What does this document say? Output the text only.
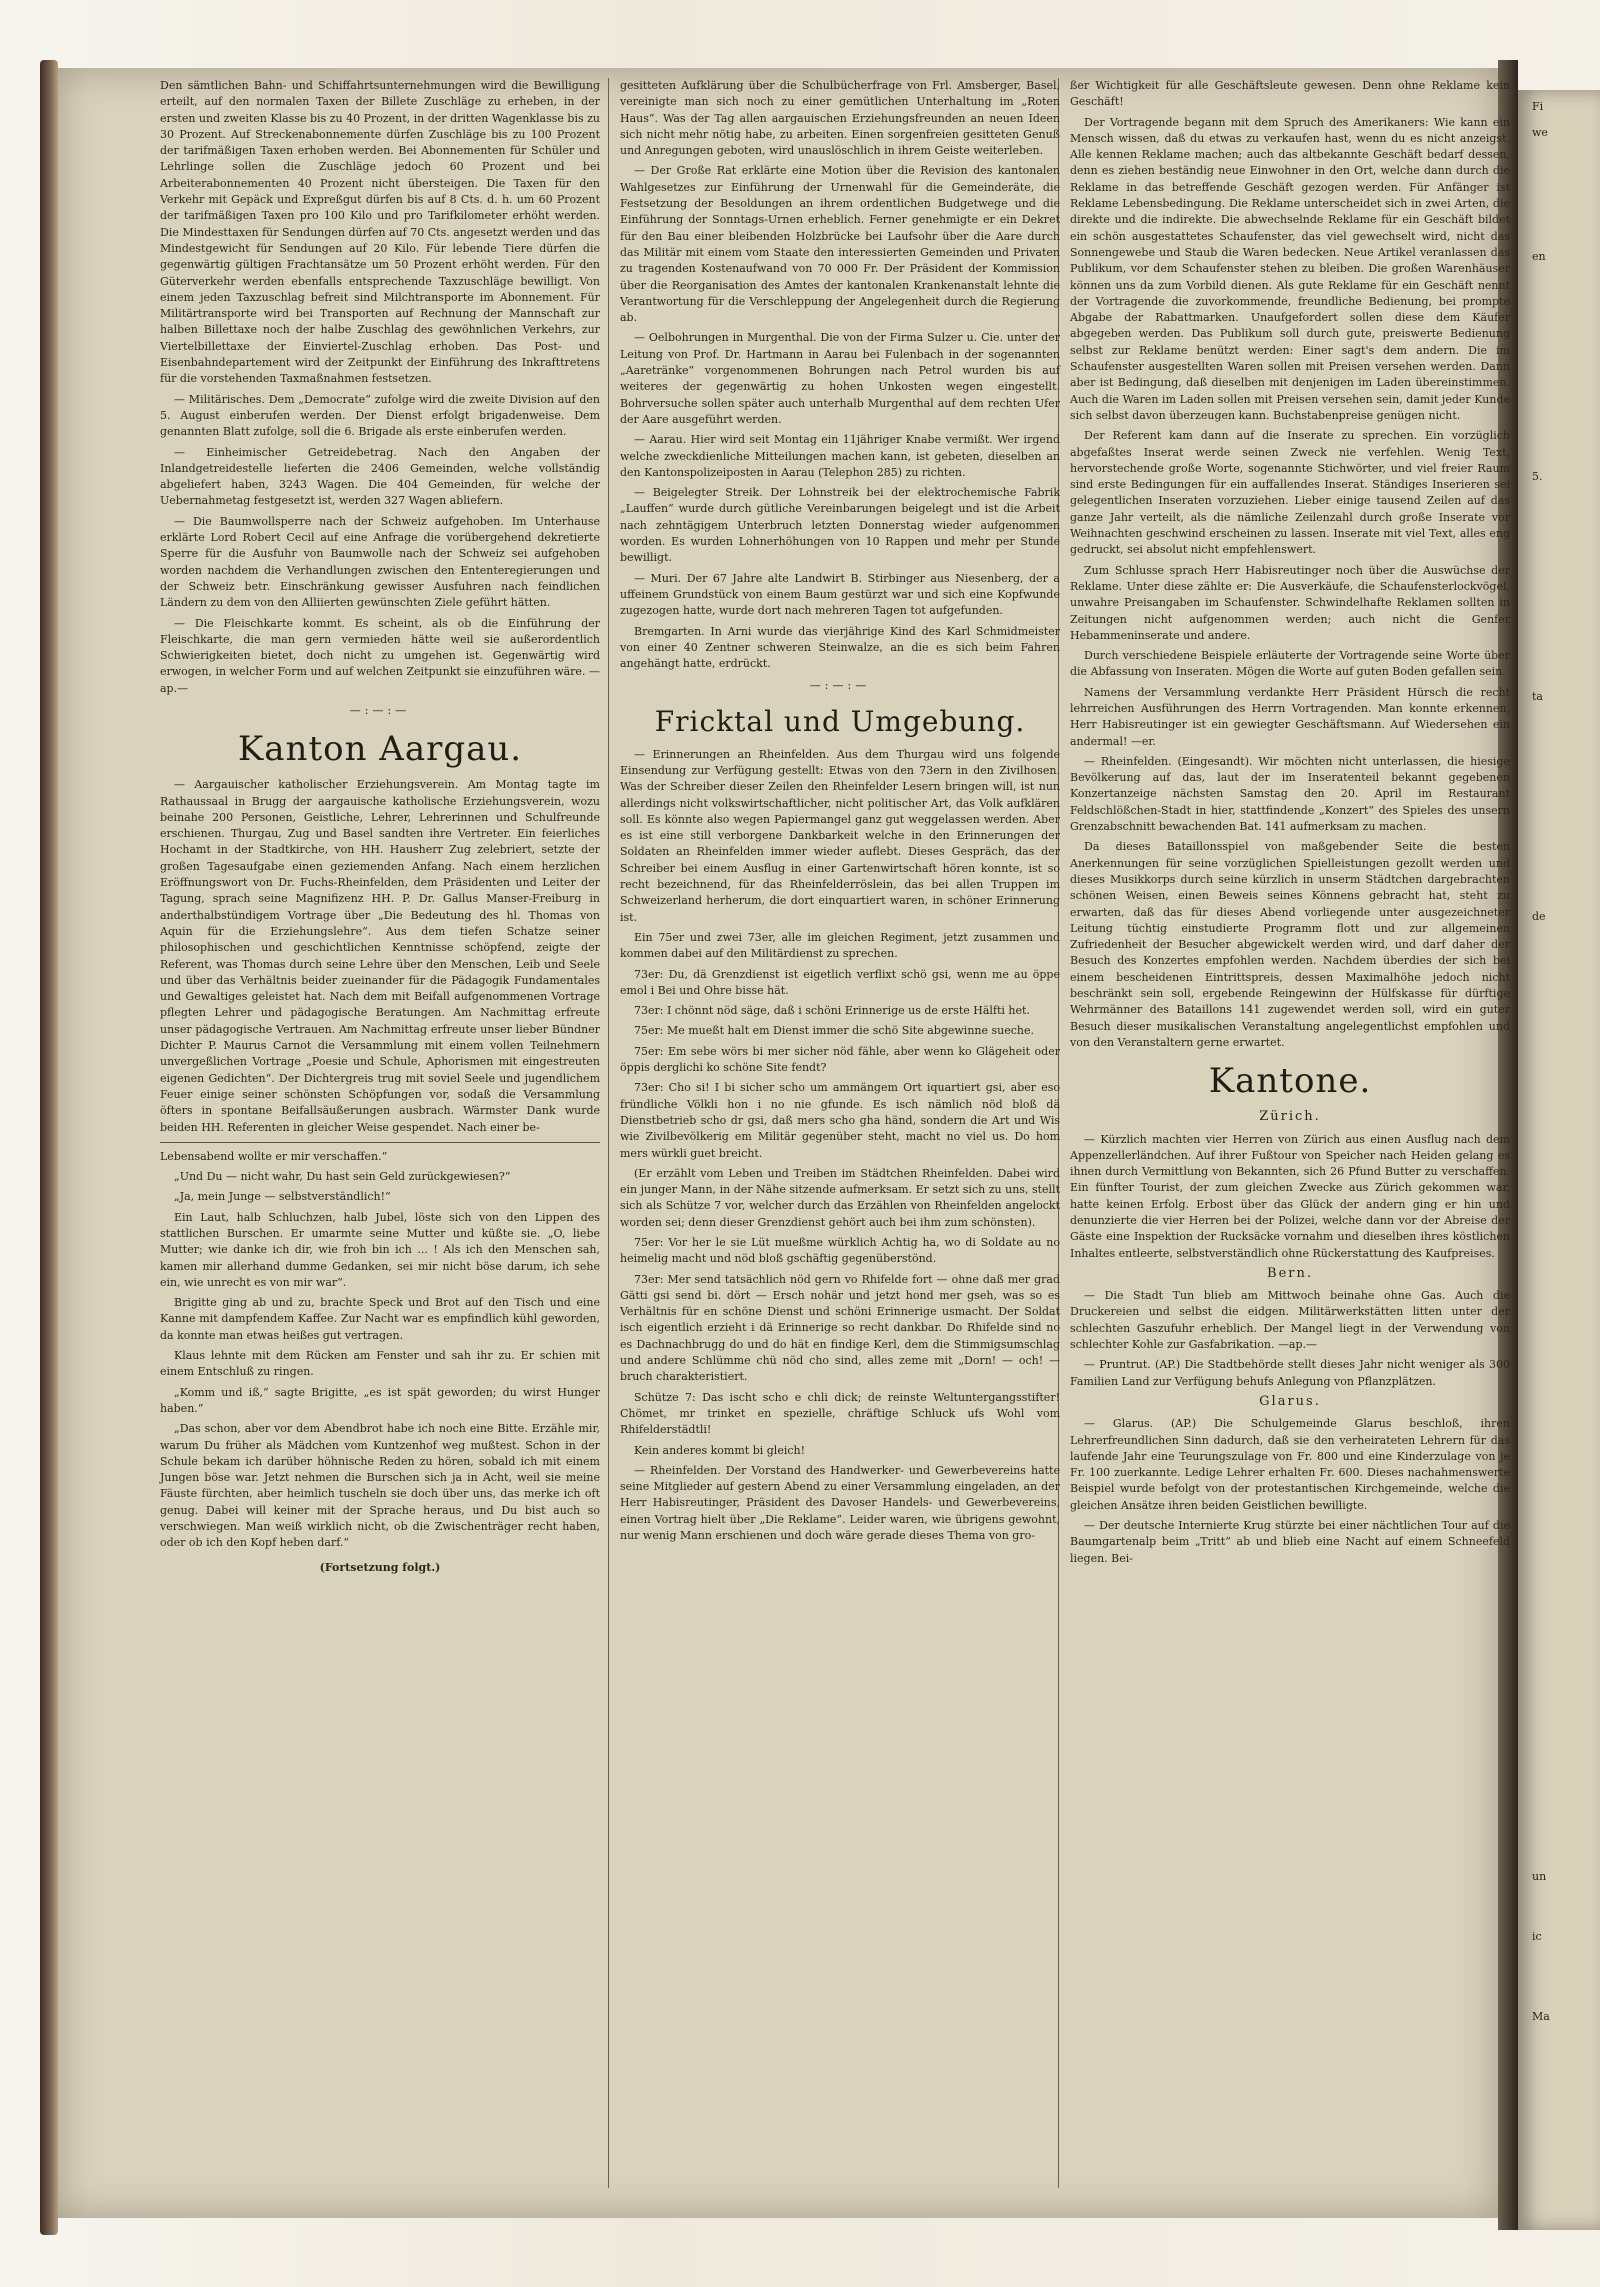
Fi
we
en
5.
ta
de
un
ic
Ma

Den sämtlichen Bahn- und Schiffahrtsunternehmungen wird die Bewilligung erteilt, auf den normalen Taxen der Billete Zuschläge zu erheben, in der ersten und zweiten Klasse bis zu 40 Prozent, in der dritten Wagenklasse bis zu 30 Prozent. Auf Streckenabonnemente dürfen Zuschläge bis zu 100 Prozent der tarifmäßigen Taxen erhoben werden. Bei Abonnementen für Schüler und Lehrlinge sollen die Zuschläge jedoch 60 Prozent und bei Arbeiterabonnementen 40 Prozent nicht übersteigen. Die Taxen für den Verkehr mit Gepäck und Expreßgut dürfen bis auf 8 Cts. d. h. um 60 Prozent der tarifmäßigen Taxen pro 100 Kilo und pro Tarifkilometer erhöht werden. Die Mindesttaxen für Sendungen dürfen auf 70 Cts. angesetzt werden und das Mindestgewicht für Sendungen auf 20 Kilo. Für lebende Tiere dürfen die gegenwärtig gültigen Frachtansätze um 50 Prozent erhöht werden. Für den Güterverkehr werden ebenfalls entsprechende Taxzuschläge bewilligt. Von einem jeden Taxzuschlag befreit sind Milchtransporte im Abonnement. Für Militärtransporte wird bei Transporten auf Rechnung der Mannschaft zur halben Billettaxe noch der halbe Zuschlag des gewöhnlichen Verkehrs, zur Viertelbillettaxe der Einviertel-Zuschlag erhoben. Das Post- und Eisenbahndepartement wird der Zeitpunkt der Einführung des Inkrafttretens für die vorstehenden Taxmaßnahmen festsetzen.

— Militärisches. Dem „Democrate“ zufolge wird die zweite Division auf den 5. August einberufen werden. Der Dienst erfolgt brigadenweise. Dem genannten Blatt zufolge, soll die 6. Brigade als erste einberufen werden.

— Einheimischer Getreidebetrag. Nach den Angaben der Inlandgetreidestelle lieferten die 2406 Gemeinden, welche vollständig abgeliefert haben, 3243 Wagen. Die 404 Gemeinden, für welche der Uebernahmetag festgesetzt ist, werden 327 Wagen abliefern.

— Die Baumwollsperre nach der Schweiz aufgehoben. Im Unterhause erklärte Lord Robert Cecil auf eine Anfrage die vorübergehend dekretierte Sperre für die Ausfuhr von Baumwolle nach der Schweiz sei aufgehoben worden nachdem die Verhandlungen zwischen den Ententeregierungen und der Schweiz betr. Einschränkung gewisser Ausfuhren nach feindlichen Ländern zu dem von den Alliierten gewünschten Ziele geführt hätten.

— Die Fleischkarte kommt. Es scheint, als ob die Einführung der Fleischkarte, die man gern vermieden hätte weil sie außerordentlich Schwierigkeiten bietet, doch nicht zu umgehen ist. Gegenwärtig wird erwogen, in welcher Form und auf welchen Zeitpunkt sie einzuführen wäre. —ap.—

—:—:—
Kanton Aargau.

— Aargauischer katholischer Erziehungsverein. Am Montag tagte im Rathaussaal in Brugg der aargauische katholische Erziehungsverein, wozu beinahe 200 Personen, Geistliche, Lehrer, Lehrerinnen und Schulfreunde erschienen. Thurgau, Zug und Basel sandten ihre Vertreter. Ein feierliches Hochamt in der Stadtkirche, von HH. Hausherr Zug zelebriert, setzte der großen Tagesaufgabe einen geziemenden Anfang. Nach einem herzlichen Eröffnungswort von Dr. Fuchs-Rheinfelden, dem Präsidenten und Leiter der Tagung, sprach seine Magnifizenz HH. P. Dr. Gallus Manser-Freiburg in anderthalbstündigem Vortrage über „Die Bedeutung des hl. Thomas von Aquin für die Erziehungslehre“. Aus dem tiefen Schatze seiner philosophischen und geschichtlichen Kenntnisse schöpfend, zeigte der Referent, was Thomas durch seine Lehre über den Menschen, Leib und Seele und über das Verhältnis beider zueinander für die Pädagogik Fundamentales und Gewaltiges geleistet hat. Nach dem mit Beifall aufgenommenen Vortrage pflegten Lehrer und pädagogische Beratungen. Am Nachmittag erfreute unser pädagogische Vertrauen. Am Nachmittag erfreute unser lieber Bündner Dichter P. Maurus Carnot die Versammlung mit einem vollen Teilnehmern unvergeßlichen Vortrage „Poesie und Schule, Aphorismen mit eingestreuten eigenen Gedichten“. Der Dichtergreis trug mit soviel Seele und jugendlichem Feuer einige seiner schönsten Schöpfungen vor, sodaß die Versammlung öfters in spontane Beifallsäußerungen ausbrach. Wärmster Dank wurde beiden HH. Referenten in gleicher Weise gespendet. Nach einer be-

Lebensabend wollte er mir verschaffen.“

„Und Du — nicht wahr, Du hast sein Geld zurückgewiesen?“

„Ja, mein Junge — selbstverständlich!“

Ein Laut, halb Schluchzen, halb Jubel, löste sich von den Lippen des stattlichen Burschen. Er umarmte seine Mutter und küßte sie. „O, liebe Mutter; wie danke ich dir, wie froh bin ich ... ! Als ich den Menschen sah, kamen mir allerhand dumme Gedanken, sei mir nicht böse darum, ich sehe ein, wie unrecht es von mir war“.

Brigitte ging ab und zu, brachte Speck und Brot auf den Tisch und eine Kanne mit dampfendem Kaffee. Zur Nacht war es empfindlich kühl geworden, da konnte man etwas heißes gut vertragen.

Klaus lehnte mit dem Rücken am Fenster und sah ihr zu. Er schien mit einem Entschluß zu ringen.

„Komm und iß,“ sagte Brigitte, „es ist spät geworden; du wirst Hunger haben.“

„Das schon, aber vor dem Abendbrot habe ich noch eine Bitte. Erzähle mir, warum Du früher als Mädchen vom Kuntzenhof weg mußtest. Schon in der Schule bekam ich darüber höhnische Reden zu hören, sobald ich mit einem Jungen böse war. Jetzt nehmen die Burschen sich ja in Acht, weil sie meine Fäuste fürchten, aber heimlich tuscheln sie doch über uns, das merke ich oft genug. Dabei will keiner mit der Sprache heraus, und Du bist auch so verschwiegen. Man weiß wirklich nicht, ob die Zwischenträger recht haben, oder ob ich den Kopf heben darf.“

(Fortsetzung folgt.)

gesitteten Aufklärung über die Schulbücherfrage von Frl. Amsberger, Basel, vereinigte man sich noch zu einer gemütlichen Unterhaltung im „Roten Haus“. Was der Tag allen aargauischen Erziehungsfreunden an neuen Ideen sich nicht mehr nötig habe, zu arbeiten. Einen sorgenfreien gesitteten Genuß und Anregungen geboten, wird unauslöschlich in ihrem Geiste weiterleben.

— Der Große Rat erklärte eine Motion über die Revision des kantonalen Wahlgesetzes zur Einführung der Urnenwahl für die Gemeinderäte, die Festsetzung der Besoldungen an ihrem ordentlichen Budgetwege und die Einführung der Sonntags-Urnen erheblich. Ferner genehmigte er ein Dekret für den Bau einer bleibenden Holzbrücke bei Laufsohr über die Aare durch das Militär mit einem vom Staate den interessierten Gemeinden und Privaten zu tragenden Kostenaufwand von 70 000 Fr. Der Präsident der Kommission über die Reorganisation des Amtes der kantonalen Krankenanstalt lehnte die Verantwortung für die Verschleppung der Angelegenheit durch die Regierung ab.

— Oelbohrungen in Murgenthal. Die von der Firma Sulzer u. Cie. unter der Leitung von Prof. Dr. Hartmann in Aarau bei Fulenbach in der sogenannten „Aaretränke“ vorgenommenen Bohrungen nach Petrol wurden bis auf weiteres der gegenwärtig zu hohen Unkosten wegen eingestellt. Bohrversuche sollen später auch unterhalb Murgenthal auf dem rechten Ufer der Aare ausgeführt werden.

— Aarau. Hier wird seit Montag ein 11jähriger Knabe vermißt. Wer irgend welche zweckdienliche Mitteilungen machen kann, ist gebeten, dieselben an den Kantonspolizeiposten in Aarau (Telephon 285) zu richten.

— Beigelegter Streik. Der Lohnstreik bei der elektrochemische Fabrik „Lauffen“ wurde durch gütliche Vereinbarungen beigelegt und ist die Arbeit nach zehntägigem Unterbruch letzten Donnerstag wieder aufgenommen worden. Es wurden Lohnerhöhungen von 10 Rappen und mehr per Stunde bewilligt.

— Muri. Der 67 Jahre alte Landwirt B. Stirbinger aus Niesenberg, der a uffeinem Grundstück von einem Baum gestürzt war und sich eine Kopfwunde zugezogen hatte, wurde dort nach mehreren Tagen tot aufgefunden.

Bremgarten. In Arni wurde das vierjährige Kind des Karl Schmidmeister von einer 40 Zentner schweren Steinwalze, an die es sich beim Fahren angehängt hatte, erdrückt.

—:—:—
Fricktal und Umgebung.

— Erinnerungen an Rheinfelden. Aus dem Thurgau wird uns folgende Einsendung zur Verfügung gestellt: Etwas von den 73ern in den Zivilhosen. Was der Schreiber dieser Zeilen den Rheinfelder Lesern bringen will, ist nun allerdings nicht volkswirtschaftlicher, nicht politischer Art, das Volk aufklären soll. Es könnte also wegen Papiermangel ganz gut weggelassen werden. Aber es ist eine still verborgene Dankbarkeit welche in den Erinnerungen der Soldaten an Rheinfelden immer wieder auflebt. Dieses Gespräch, das der Schreiber bei einem Ausflug in einer Gartenwirtschaft hören konnte, ist so recht bezeichnend, für das Rheinfelderröslein, das bei allen Truppen im Schweizerland herherum, die dort einquartiert waren, in schöner Erinnerung ist.

Ein 75er und zwei 73er, alle im gleichen Regiment, jetzt zusammen und kommen dabei auf den Militärdienst zu sprechen.

73er: Du, dä Grenzdienst ist eigetlich verflixt schö gsi, wenn me au öppe emol i Bei und Ohre bisse hät.

73er: I chönnt nöd säge, daß i schöni Erinnerige us de erste Hälfti het.

75er: Me mueßt halt em Dienst immer die schö Site abgewinne sueche.

75er: Em sebe wörs bi mer sicher nöd fähle, aber wenn ko Glägeheit oder öppis derglichi ko schöne Site fendt?

73er: Cho si! I bi sicher scho um ammängem Ort iquartiert gsi, aber eso fründliche Völkli hon i no nie gfunde. Es isch nämlich nöd bloß dä Dienstbetrieb scho dr gsi, daß mers scho gha händ, sondern die Art und Wis wie Zivilbevölkerig em Militär gegenüber steht, macht no viel us. Do hom mers würkli guet breicht.

(Er erzählt vom Leben und Treiben im Städtchen Rheinfelden. Dabei wird ein junger Mann, in der Nähe sitzende aufmerksam. Er setzt sich zu uns, stellt sich als Schütze 7 vor, welcher durch das Erzählen von Rheinfelden angelockt worden sei; denn dieser Grenzdienst gehört auch bei ihm zum schönsten).

75er: Vor her le sie Lüt mueßme würklich Achtig ha, wo di Soldate au no heimelig macht und nöd bloß gschäftig gegenüberstönd.

73er: Mer send tatsächlich nöd gern vo Rhifelde fort — ohne daß mer grad Gätti gsi send bi. dört — Ersch nohär und jetzt hond mer gseh, was so es Verhältnis für en schöne Dienst und schöni Erinnerige usmacht. Der Soldat isch eigentlich erzieht i dä Erinnerige so recht dankbar. Do Rhifelde sind no es Dachnachbrugg do und do hät en findige Kerl, dem die Stimmigsumschlag und andere Schlümme chü nöd cho sind, alles zeme mit „Dorn! — och! — bruch charakteristiert.

Schütze 7: Das ischt scho e chli dick; de reinste Weltuntergangsstifter! Chömet, mr trinket en spezielle, chräftige Schluck ufs Wohl vom Rhifelderstädtli!

Kein anderes kommt bi gleich!

— Rheinfelden. Der Vorstand des Handwerker- und Gewerbevereins hatte seine Mitglieder auf gestern Abend zu einer Versammlung eingeladen, an der Herr Habisreutinger, Präsident des Davoser Handels- und Gewerbevereins, einen Vortrag hielt über „Die Reklame“. Leider waren, wie übrigens gewohnt, nur wenig Mann erschienen und doch wäre gerade dieses Thema von gro-

ßer Wichtigkeit für alle Geschäftsleute gewesen. Denn ohne Reklame kein Geschäft!

Der Vortragende begann mit dem Spruch des Amerikaners: Wie kann ein Mensch wissen, daß du etwas zu verkaufen hast, wenn du es nicht anzeigst. Alle kennen Reklame machen; auch das altbekannte Geschäft bedarf dessen, denn es ziehen beständig neue Einwohner in den Ort, welche dann durch die Reklame in das betreffende Geschäft gezogen werden. Für Anfänger ist Reklame Lebensbedingung. Die Reklame unterscheidet sich in zwei Arten, die direkte und die indirekte. Die abwechselnde Reklame für ein Geschäft bildet ein schön ausgestattetes Schaufenster, das viel gewechselt wird, nicht das Sonnengewebe und Staub die Waren bedecken. Neue Artikel veranlassen das Publikum, vor dem Schaufenster stehen zu bleiben. Die großen Warenhäuser können uns da zum Vorbild dienen. Als gute Reklame für ein Geschäft nennt der Vortragende die zuvorkommende, freundliche Bedienung, bei prompte Abgabe der Rabattmarken. Unaufgefordert sollen diese dem Käufer abgegeben werden. Das Publikum soll durch gute, preiswerte Bedienung selbst zur Reklame benützt werden: Einer sagt's dem andern. Die im Schaufenster ausgestellten Waren sollen mit Preisen versehen werden. Dann aber ist Bedingung, daß dieselben mit denjenigen im Laden übereinstimmen. Auch die Waren im Laden sollen mit Preisen versehen sein, damit jeder Kunde sich selbst davon überzeugen kann. Buchstabenpreise genügen nicht.

Der Referent kam dann auf die Inserate zu sprechen. Ein vorzüglich abgefaßtes Inserat werde seinen Zweck nie verfehlen. Wenig Text, hervorstechende große Worte, sogenannte Stichwörter, und viel freier Raum sind erste Bedingungen für ein auffallendes Inserat. Ständiges Inserieren sei gelegentlichen Inseraten vorzuziehen. Lieber einige tausend Zeilen auf das ganze Jahr verteilt, als die nämliche Zeilenzahl durch große Inserate vor Weihnachten geschwind erscheinen zu lassen. Inserate mit viel Text, alles eng gedruckt, sei absolut nicht empfehlenswert.

Zum Schlusse sprach Herr Habisreutinger noch über die Auswüchse der Reklame. Unter diese zählte er: Die Ausverkäufe, die Schaufensterlockvögel, unwahre Preisangaben im Schaufenster. Schwindelhafte Reklamen sollten in Zeitungen nicht aufgenommen werden; auch nicht die Genfer Hebammeninserate und andere.

Durch verschiedene Beispiele erläuterte der Vortragende seine Worte über die Abfassung von Inseraten. Mögen die Worte auf guten Boden gefallen sein.

Namens der Versammlung verdankte Herr Präsident Hürsch die recht lehrreichen Ausführungen des Herrn Vortragenden. Man konnte erkennen, Herr Habisreutinger ist ein gewiegter Geschäftsmann. Auf Wiedersehen ein andermal! —er.

— Rheinfelden. (Eingesandt). Wir möchten nicht unterlassen, die hiesige Bevölkerung auf das, laut der im Inseratenteil bekannt gegebenen Konzertanzeige nächsten Samstag den 20. April im Restaurant Feldschlößchen-Stadt in hier, stattfindende „Konzert“ des Spieles des unsern Grenzabschnitt bewachenden Bat. 141 aufmerksam zu machen.

Da dieses Bataillonsspiel von maßgebender Seite die besten Anerkennungen für seine vorzüglichen Spielleistungen gezollt werden und dieses Musikkorps durch seine kürzlich in unserm Städtchen dargebrachten schönen Weisen, einen Beweis seines Könnens gebracht hat, steht zu erwarten, daß das für dieses Abend vorliegende unter ausgezeichneter Leitung tüchtig einstudierte Programm flott und zur allgemeinen Zufriedenheit der Besucher abgewickelt werden wird, und darf daher der Besuch des Konzertes empfohlen werden. Nachdem überdies der sich bei einem bescheidenen Eintrittspreis, dessen Maximalhöhe jedoch nicht beschränkt sein soll, ergebende Reingewinn der Hülfskasse für dürftige Wehrmänner des Bataillons 141 zugewendet werden soll, wird ein guter Besuch dieser musikalischen Veranstaltung angelegentlichst empfohlen und von den Veranstaltern gerne erwartet.

Kantone.
Zürich.

— Kürzlich machten vier Herren von Zürich aus einen Ausflug nach dem Appenzellerländchen. Auf ihrer Fußtour von Speicher nach Heiden gelang es ihnen durch Vermittlung von Bekannten, sich 26 Pfund Butter zu verschaffen. Ein fünfter Tourist, der zum gleichen Zwecke aus Zürich gekommen war, hatte keinen Erfolg. Erbost über das Glück der andern ging er hin und denunzierte die vier Herren bei der Polizei, welche dann vor der Abreise der Gäste eine Inspektion der Rucksäcke vornahm und dieselben ihres köstlichen Inhaltes entleerte, selbstverständlich ohne Rückerstattung des Kaufpreises.

Bern.

— Die Stadt Tun blieb am Mittwoch beinahe ohne Gas. Auch die Druckereien und selbst die eidgen. Militärwerkstätten litten unter der schlechten Gaszufuhr erheblich. Der Mangel liegt in der Verwendung von schlechter Kohle zur Gasfabrikation. —ap.—

— Pruntrut. (AP.) Die Stadtbehörde stellt dieses Jahr nicht weniger als 300 Familien Land zur Verfügung behufs Anlegung von Pflanzplätzen.

Glarus.

— Glarus. (AP.) Die Schulgemeinde Glarus beschloß, ihren Lehrerfreundlichen Sinn dadurch, daß sie den verheirateten Lehrern für das laufende Jahr eine Teurungszulage von Fr. 800 und eine Kinderzulage von je Fr. 100 zuerkannte. Ledige Lehrer erhalten Fr. 600. Dieses nachahmenswerte Beispiel wurde befolgt von der protestantischen Kirchgemeinde, welche die gleichen Ansätze ihren beiden Geistlichen bewilligte.

— Der deutsche Internierte Krug stürzte bei einer nächtlichen Tour auf die Baumgartenalp beim „Tritt“ ab und blieb eine Nacht auf einem Schneefeld liegen. Bei-
